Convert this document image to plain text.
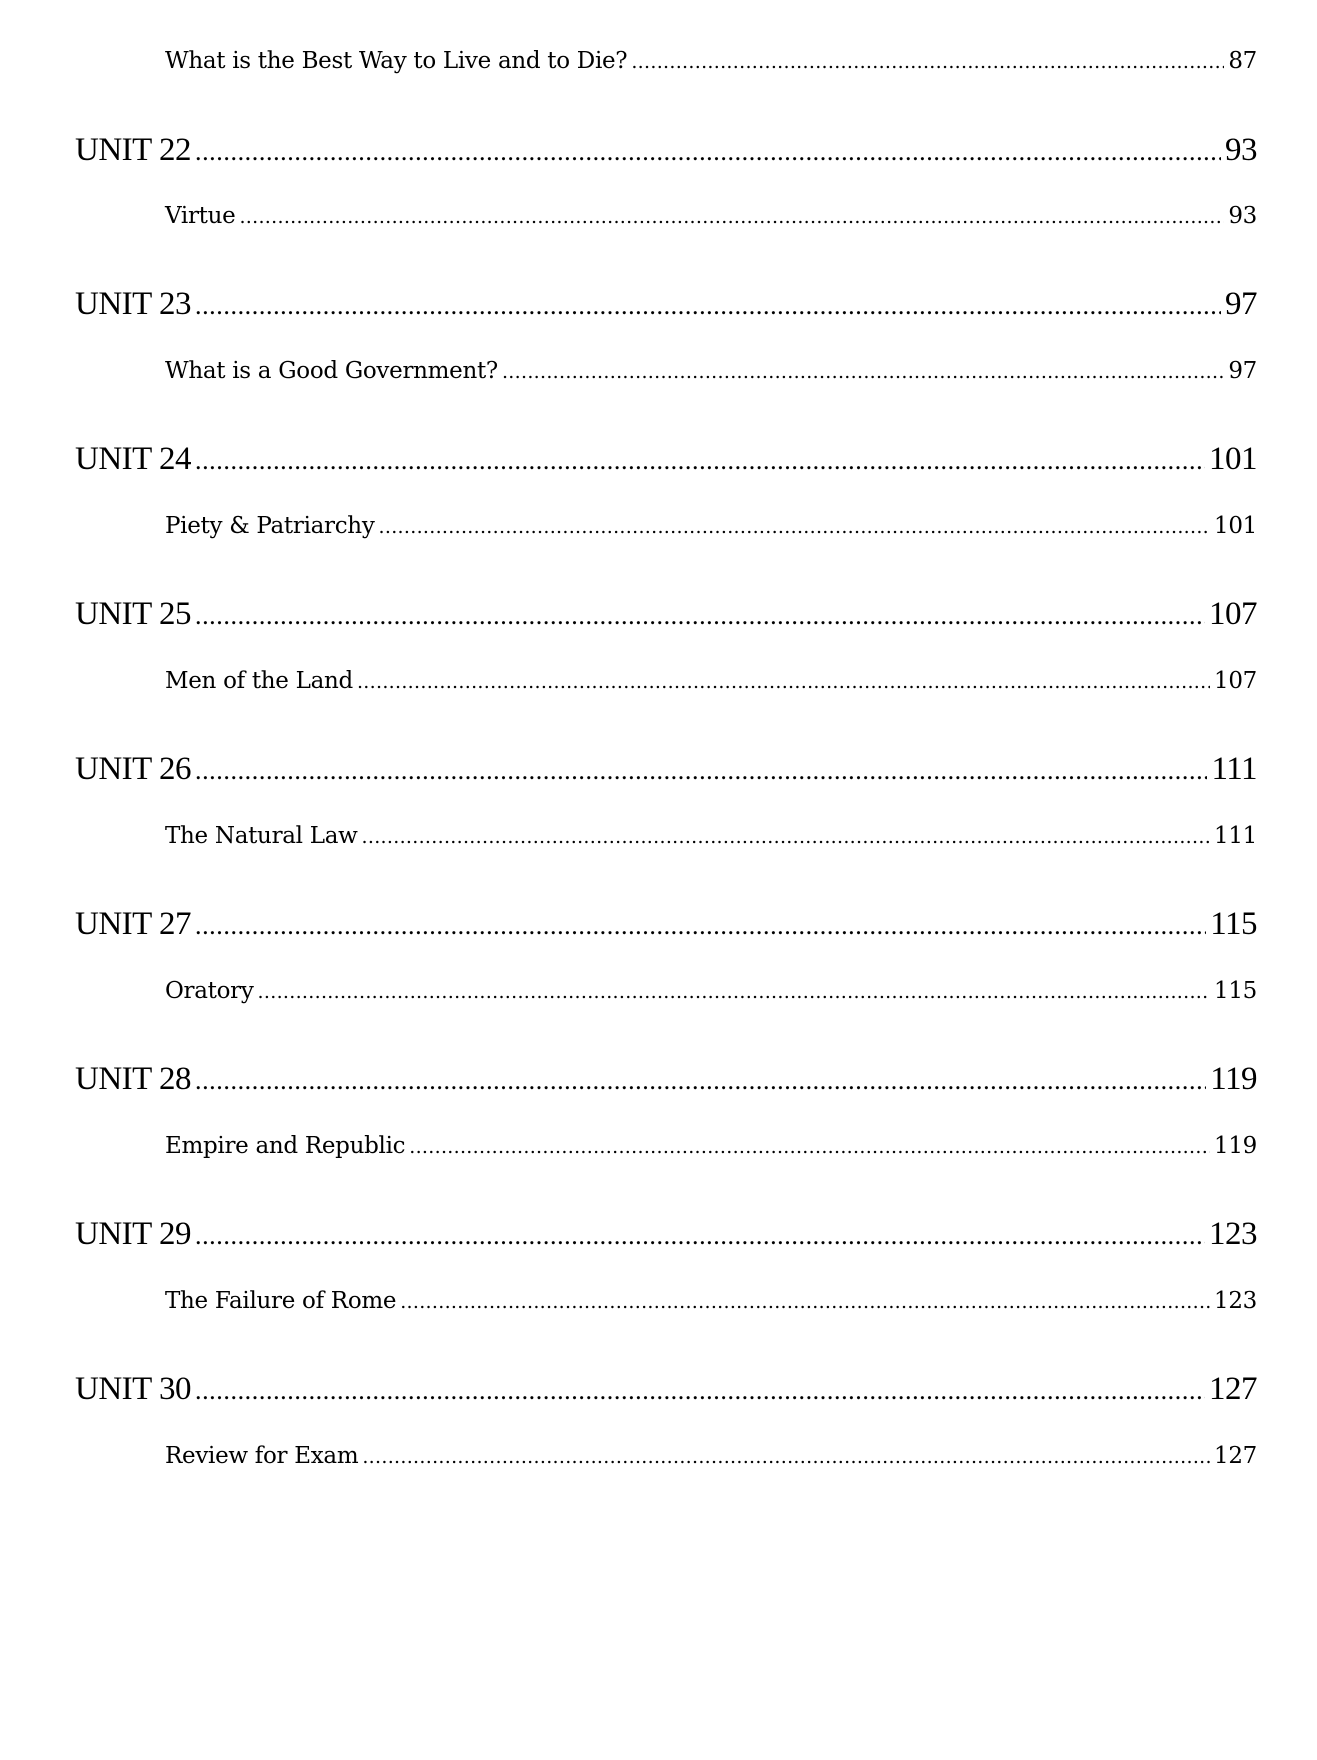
What is the Best Way to Live and to Die? .....	87
UNIT 22 .....	93
Virtue .....	93
UNIT 23 .....	97
What is a Good Government? .....	97
UNIT 24 .....	101
Piety & Patriarchy .....	101
UNIT 25 .....	107
Men of the Land .....	107
UNIT 26 .....	111
The Natural Law .....	111
UNIT 27 .....	115
Oratory .....	115
UNIT 28 .....	119
Empire and Republic .....	119
UNIT 29 .....	123
The Failure of Rome .....	123
UNIT 30 .....	127
Review for Exam .....	127
